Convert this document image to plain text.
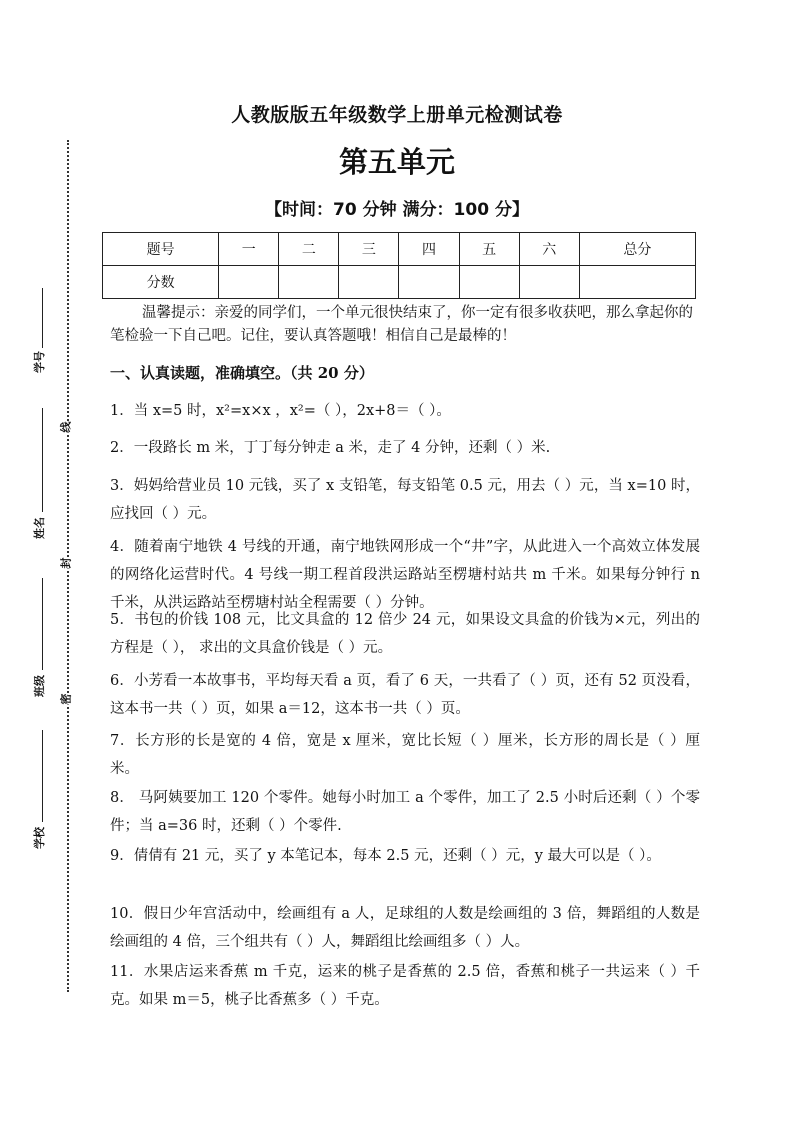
线
封
密
学号
姓名
班级
学校
人教版版五年级数学上册单元检测试卷
第五单元
【时间：70 分钟 满分：100 分】
题号	一	二	三	四	五	六	总分
分数							
温馨提示：亲爱的同学们，一个单元很快结束了，你一定有很多收获吧，那么拿起你的笔检验一下自己吧。记住，要认真答题哦！相信自己是最棒的！
一、认真读题，准确填空。（共 20 分）
1．当 x=5 时，x²=x×x ，x²=（ ），2x+8＝（ ）。
2．一段路长 m 米，丁丁每分钟走 a 米，走了 4 分钟，还剩（ ）米.
3．妈妈给营业员 10 元钱，买了 x 支铅笔，每支铅笔 0.5 元，用去（ ）元，当 x=10 时，应找回（ ）元。
4．随着南宁地铁 4 号线的开通，南宁地铁网形成一个“井”字，从此进入一个高效立体发展的网络化运营时代。4 号线一期工程首段洪运路站至楞塘村站共 m 千米。如果每分钟行 n 千米，从洪运路站至楞塘村站全程需要（ ）分钟。
5．书包的价钱 108 元，比文具盒的 12 倍少 24 元，如果设文具盒的价钱为×元，列出的方程是（ ）， 求出的文具盒价钱是（ ）元。
6．小芳看一本故事书，平均每天看 a 页，看了 6 天，一共看了（ ）页，还有 52 页没看，这本书一共（ ）页，如果 a＝12，这本书一共（ ）页。
7．长方形的长是宽的 4 倍，宽是 x 厘米，宽比长短（ ）厘米，长方形的周长是（ ）厘米。
8． 马阿姨要加工 120 个零件。她每小时加工 a 个零件，加工了 2.5 小时后还剩（ ）个零件；当 a=36 时，还剩（ ）个零件.
9．倩倩有 21 元，买了 y 本笔记本，每本 2.5 元，还剩（ ）元，y 最大可以是（ ）。
10．假日少年宫活动中，绘画组有 a 人，足球组的人数是绘画组的 3 倍，舞蹈组的人数是绘画组的 4 倍，三个组共有（ ）人，舞蹈组比绘画组多（ ）人。
11．水果店运来香蕉 m 千克，运来的桃子是香蕉的 2.5 倍，香蕉和桃子一共运来（ ）千克。如果 m＝5，桃子比香蕉多（ ）千克。
